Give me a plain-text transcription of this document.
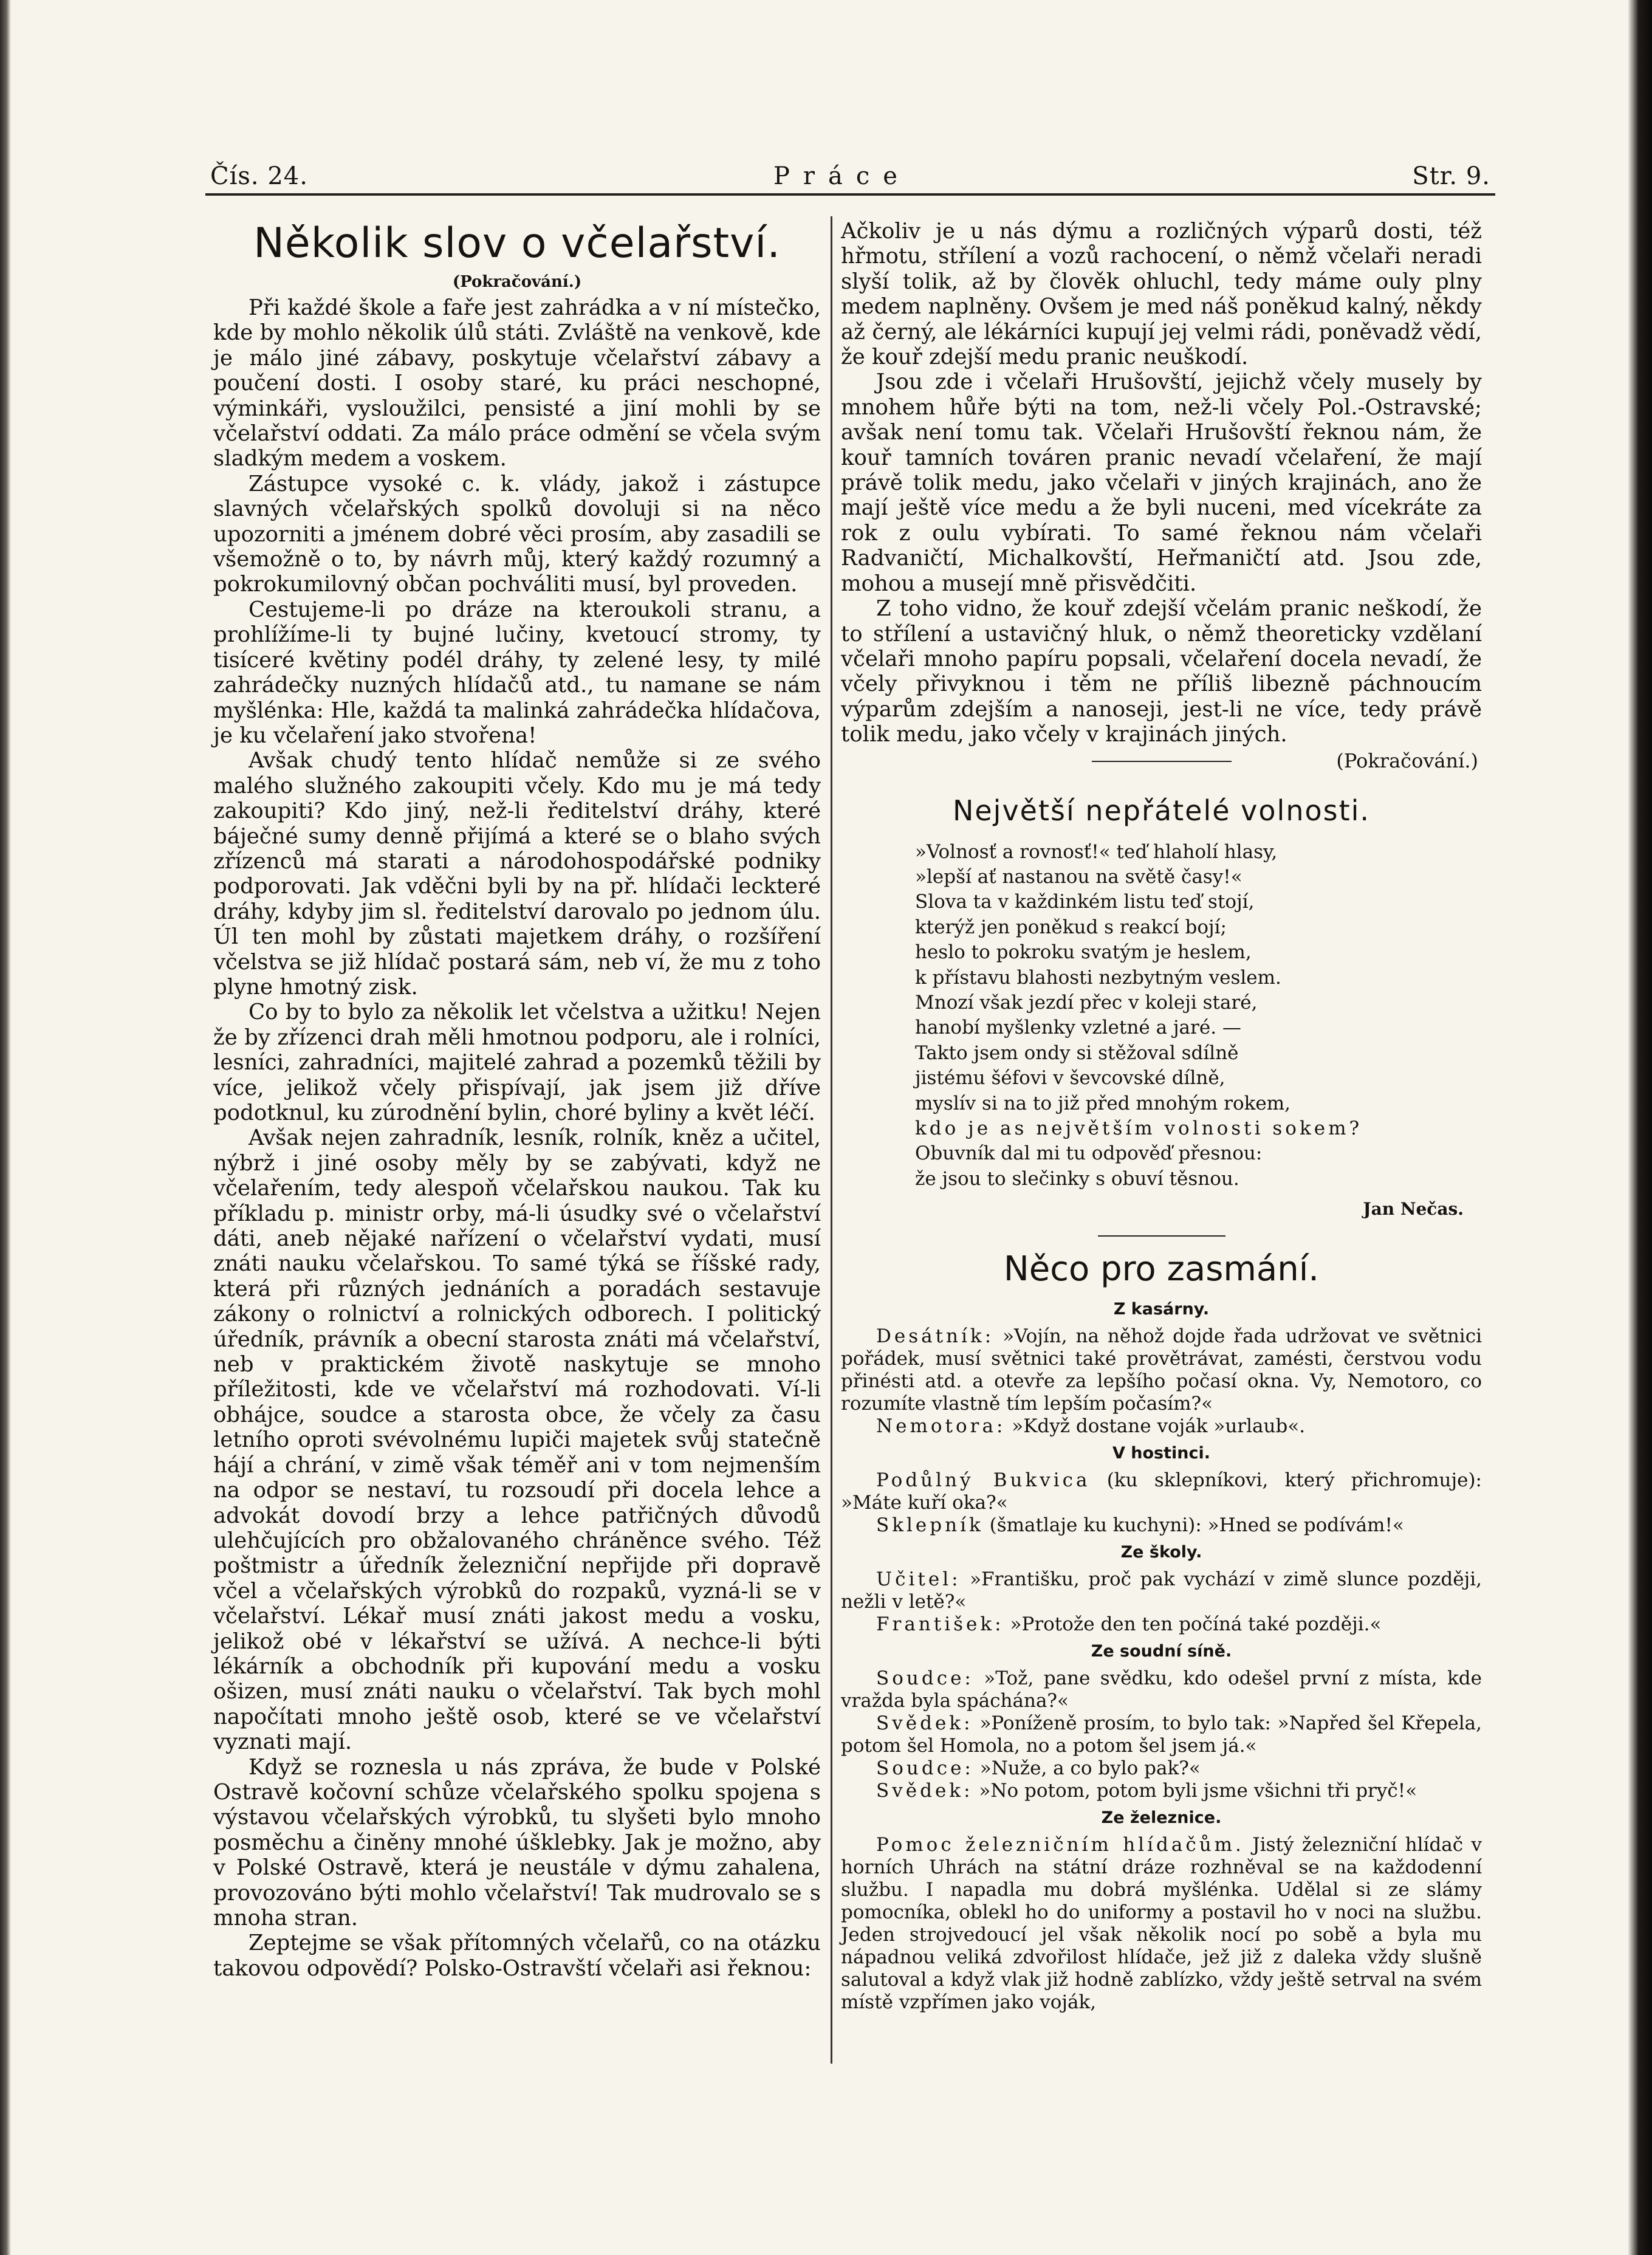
Čís. 24.	Práce	Str. 9.
Několik slov o včelařství.
(Pokračování.)

Při každé škole a faře jest zahrádka a v ní místečko, kde by mohlo několik úlů státi. Zvláště na venkově, kde je málo jiné zábavy, poskytuje včelařství zábavy a poučení dosti. I osoby staré, ku práci neschopné, výminkáři, vysloužilci, pensisté a jiní mohli by se včelařství oddati. Za málo práce odmění se včela svým sladkým medem a voskem.

Zástupce vysoké c. k. vlády, jakož i zástupce slavných včelařských spolků dovoluji si na něco upozorniti a jménem dobré věci prosím, aby zasadili se všemožně o to, by návrh můj, který každý rozumný a pokrokumilovný občan pochváliti musí, byl proveden.

Cestujeme-li po dráze na kteroukoli stranu, a prohlížíme-li ty bujné lučiny, kvetoucí stromy, ty tisíceré květiny podél dráhy, ty zelené lesy, ty milé zahrádečky nuzných hlídačů atd., tu namane se nám myšlénka: Hle, každá ta malinká zahrádečka hlídačova, je ku včelaření jako stvořena!

Avšak chudý tento hlídač nemůže si ze svého malého služného zakoupiti včely. Kdo mu je má tedy zakoupiti? Kdo jiný, než-li ředitelství dráhy, které báječné sumy denně přijímá a které se o blaho svých zřízenců má starati a národohospodářské podniky podporovati. Jak vděčni byli by na př. hlídači leckteré dráhy, kdyby jim sl. ředitelství darovalo po jednom úlu. Úl ten mohl by zůstati majetkem dráhy, o rozšíření včelstva se již hlídač postará sám, neb ví, že mu z toho plyne hmotný zisk.

Co by to bylo za několik let včelstva a užitku! Nejen že by zřízenci drah měli hmotnou podporu, ale i rolníci, lesníci, zahradníci, majitelé zahrad a pozemků těžili by více, jelikož včely přispívají, jak jsem již dříve podotknul, ku zúrodnění bylin, choré byliny a květ léčí.

Avšak nejen zahradník, lesník, rolník, kněz a učitel, nýbrž i jiné osoby měly by se zabývati, když ne včelařením, tedy alespoň včelařskou naukou. Tak ku příkladu p. ministr orby, má-li úsudky své o včelařství dáti, aneb nějaké nařízení o včelařství vydati, musí znáti nauku včelařskou. To samé týká se říšské rady, která při různých jednáních a poradách sestavuje zákony o rolnictví a rolnických odborech. I politický úředník, právník a obecní starosta znáti má včelařství, neb v praktickém životě naskytuje se mnoho příležitosti, kde ve včelařství má rozhodovati. Ví-li obhájce, soudce a starosta obce, že včely za času letního oproti svévolnému lupiči majetek svůj statečně hájí a chrání, v zimě však téměř ani v tom nejmenším na odpor se nestaví, tu rozsoudí při docela lehce a advokát dovodí brzy a lehce patřičných důvodů ulehčujících pro obžalovaného chráněnce svého. Též poštmistr a úředník železniční nepřijde při dopravě včel a včelařských výrobků do rozpaků, vyzná-li se v včelařství. Lékař musí znáti jakost medu a vosku, jelikož obé v lékařství se užívá. A nechce-li býti lékárník a obchodník při kupování medu a vosku ošizen, musí znáti nauku o včelařství. Tak bych mohl napočítati mnoho ještě osob, které se ve včelařství vyznati mají.

Když se roznesla u nás zpráva, že bude v Polské Ostravě kočovní schůze včelařského spolku spojena s výstavou včelařských výrobků, tu slyšeti bylo mnoho posměchu a činěny mnohé úšklebky. Jak je možno, aby v Polské Ostravě, která je neustále v dýmu zahalena, provozováno býti mohlo včelařství! Tak mudrovalo se s mnoha stran.

Zeptejme se však přítomných včelařů, co na otázku takovou odpovědí? Polsko-Ostravští včelaři asi řeknou:

Ačkoliv je u nás dýmu a rozličných výparů dosti, též hřmotu, střílení a vozů rachocení, o němž včelaři neradi slyší tolik, až by člověk ohluchl, tedy máme ouly plny medem naplněny. Ovšem je med náš poněkud kalný, někdy až černý, ale lékárníci kupují jej velmi rádi, poněvadž vědí, že kouř zdejší medu pranic neuškodí.

Jsou zde i včelaři Hrušovští, jejichž včely musely by mnohem hůře býti na tom, než-li včely Pol.-Ostravské; avšak není tomu tak. Včelaři Hrušovští řeknou nám, že kouř tamních továren pranic nevadí včelaření, že mají právě tolik medu, jako včelaři v jiných krajinách, ano že mají ještě více medu a že byli nuceni, med vícekráte za rok z oulu vybírati. To samé řeknou nám včelaři Radvaničtí, Michalkovští, Heřmaničtí atd. Jsou zde, mohou a musejí mně přisvědčiti.

Z toho vidno, že kouř zdejší včelám pranic neškodí, že to střílení a ustavičný hluk, o němž theoreticky vzdělaní včelaři mnoho papíru popsali, včelaření docela nevadí, že včely přivyknou i těm ne příliš libezně páchnoucím výparům zdejším a nanoseji, jest-li ne více, tedy právě tolik medu, jako včely v krajinách jiných.

(Pokračování.)
Největší nepřátelé volnosti.
»Volnosť a rovnosť!« teď hlaholí hlasy,
»lepší ať nastanou na světě časy!«
Slova ta v každinkém listu teď stojí,
kterýž jen poněkud s reakcí bojí;
heslo to pokroku svatým je heslem,
k přístavu blahosti nezbytným veslem.
Mnozí však jezdí přec v koleji staré,
hanobí myšlenky vzletné a jaré. —
Takto jsem ondy si stěžoval sdílně
jistému šéfovi v ševcovské dílně,
myslív si na to již před mnohým rokem,
kdo je as největším volnosti sokem?
Obuvník dal mi tu odpověď přesnou:
že jsou to slečinky s obuví těsnou.
Jan Nečas.
Něco pro zasmání.
Z kasárny.

Desátník: »Vojín, na něhož dojde řada udržovat ve světnici pořádek, musí světnici také provětrávat, zamésti, čerstvou vodu přinésti atd. a otevře za lepšího počasí okna. Vy, Nemotoro, co rozumíte vlastně tím lepším počasím?«

Nemotora: »Když dostane voják »urlaub«.

V hostinci.

Podůlný Bukvica (ku sklepníkovi, který přichromuje): »Máte kuří oka?«

Sklepník (šmatlaje ku kuchyni): »Hned se podívám!«

Ze školy.

Učitel: »Františku, proč pak vychází v zimě slunce později, nežli v letě?«

František: »Protože den ten počíná také později.«

Ze soudní síně.

Soudce: »Tož, pane svědku, kdo odešel první z místa, kde vražda byla spáchána?«

Svědek: »Poníženě prosím, to bylo tak: »Napřed šel Křepela, potom šel Homola, no a potom šel jsem já.«

Soudce: »Nuže, a co bylo pak?«

Svědek: »No potom, potom byli jsme všichni tři pryč!«

Ze železnice.

Pomoc železničním hlídačům. Jistý železniční hlídač v horních Uhrách na státní dráze rozhněval se na každodenní službu. I napadla mu dobrá myšlénka. Udělal si ze slámy pomocníka, oblekl ho do uniformy a postavil ho v noci na službu. Jeden strojvedoucí jel však několik nocí po sobě a byla mu nápadnou veliká zdvořilost hlídače, jež již z daleka vždy slušně salutoval a když vlak již hodně zablízko, vždy ještě setrval na svém místě vzpřímen jako voják,
